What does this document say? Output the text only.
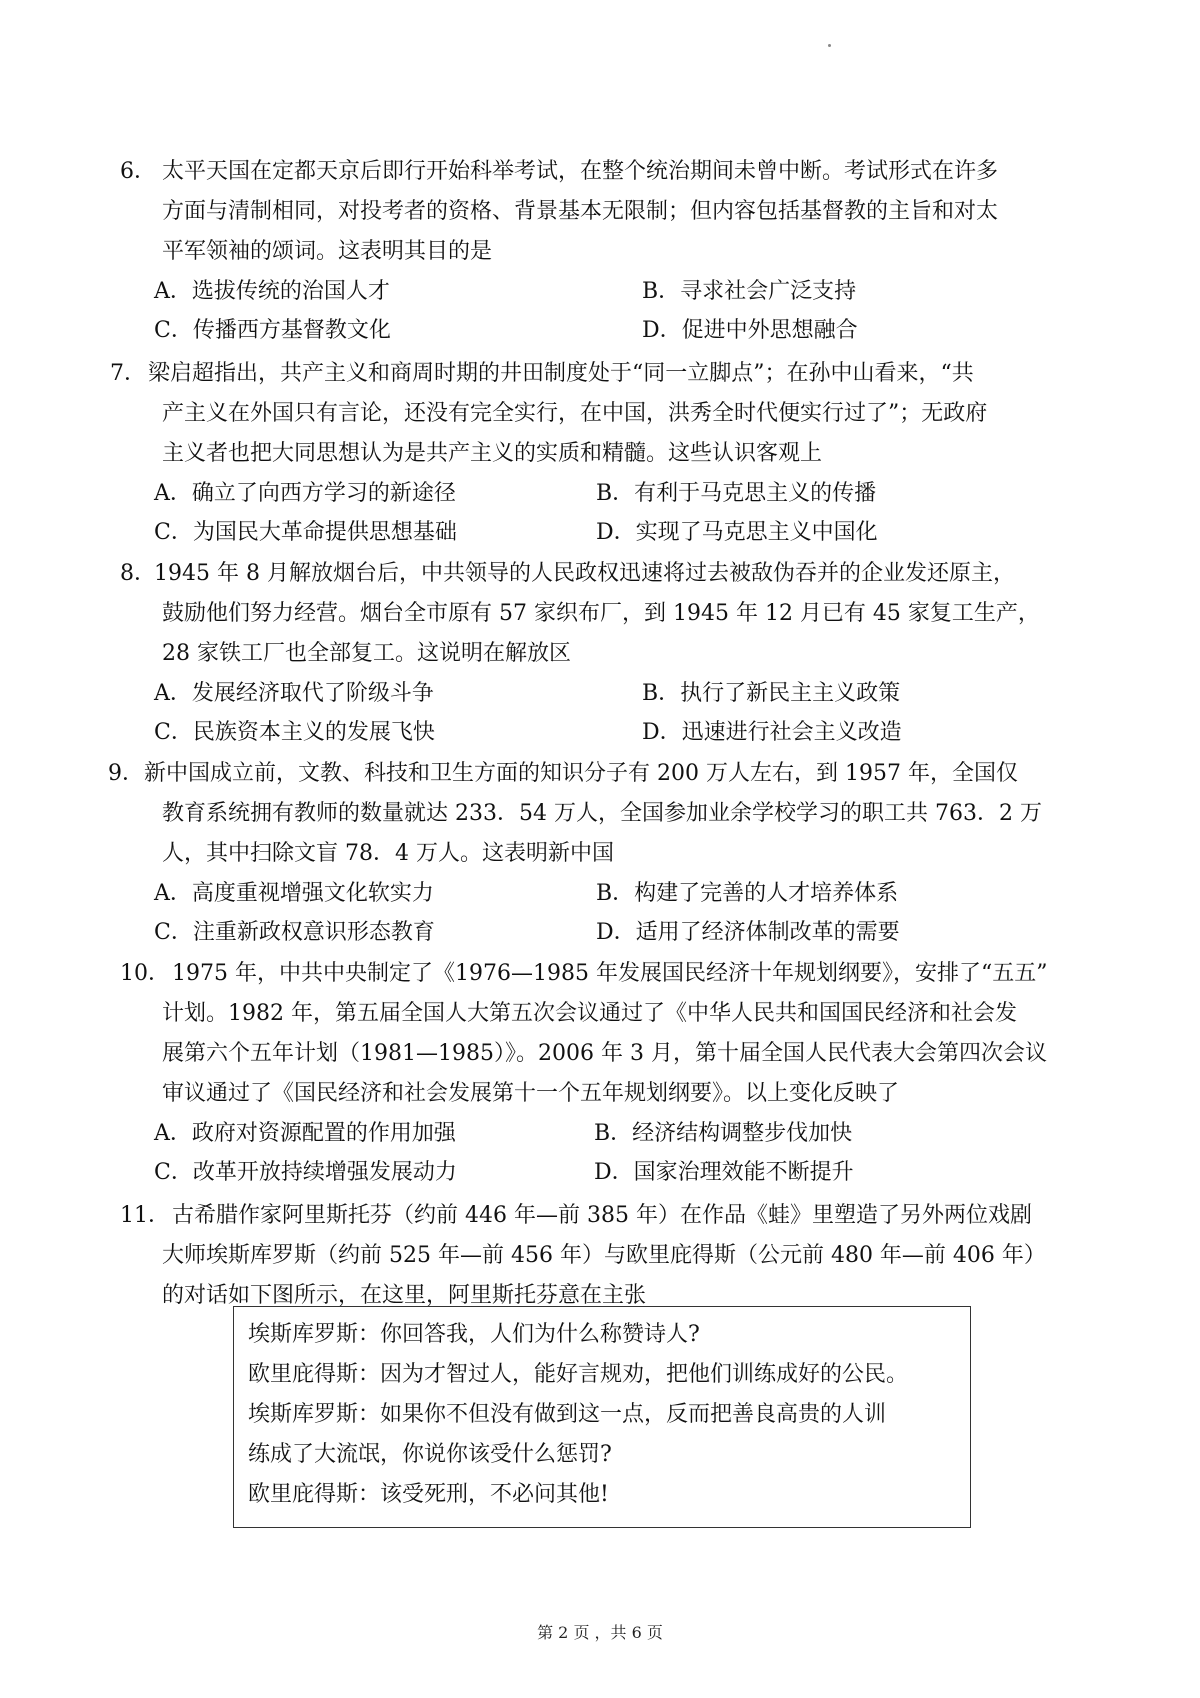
6． 太平天国在定都天京后即行开始科举考试，在整个统治期间未曾中断。考试形式在许多
方面与清制相同，对投考者的资格、背景基本无限制；但内容包括基督教的主旨和对太
平军领袖的颂词。这表明其目的是
A．选拔传统的治国人才	B．寻求社会广泛支持
C．传播西方基督教文化	D．促进中外思想融合
7． 梁启超指出，共产主义和商周时期的井田制度处于“同一立脚点”；在孙中山看来，“共
产主义在外国只有言论，还没有完全实行，在中国，洪秀全时代便实行过了”；无政府
主义者也把大同思想认为是共产主义的实质和精髓。这些认识客观上
A．确立了向西方学习的新途径	B．有利于马克思主义的传播
C．为国民大革命提供思想基础	D．实现了马克思主义中国化
8．
1945 年 8 月解放烟台后，中共领导的人民政权迅速将过去被敌伪吞并的企业发还原主，
鼓励他们努力经营。烟台全市原有 57 家织布厂，到 1945 年 12 月已有 45 家复工生产，
28 家铁工厂也全部复工。这说明在解放区
A．发展经济取代了阶级斗争	B．执行了新民主主义政策
C．民族资本主义的发展飞快	D．迅速进行社会主义改造
9． 新中国成立前，文教、科技和卫生方面的知识分子有 200 万人左右，到 1957 年，全国仅
教育系统拥有教师的数量就达 233．54 万人，全国参加业余学校学习的职工共 763．2 万
人，其中扫除文盲 78．4 万人。这表明新中国
A．高度重视增强文化软实力	B．构建了完善的人才培养体系
C．注重新政权意识形态教育	D．适用了经济体制改革的需要
10． 1975 年，中共中央制定了《1976—1985 年发展国民经济十年规划纲要》，安排了“五五”
计划。1982 年，第五届全国人大第五次会议通过了《中华人民共和国国民经济和社会发
展第六个五年计划（1981—1985）》。2006 年 3 月，第十届全国人民代表大会第四次会议
审议通过了《国民经济和社会发展第十一个五年规划纲要》。以上变化反映了
A．政府对资源配置的作用加强	B．经济结构调整步伐加快
C．改革开放持续增强发展动力	D．国家治理效能不断提升
11． 古希腊作家阿里斯托芬（约前 446 年—前 385 年）在作品《蛙》里塑造了另外两位戏剧
大师埃斯库罗斯（约前 525 年—前 456 年）与欧里庇得斯（公元前 480 年—前 406 年）
的对话如下图所示，在这里，阿里斯托芬意在主张
埃斯库罗斯：你回答我，人们为什么称赞诗人?
欧里庇得斯：因为才智过人，能好言规劝，把他们训练成好的公民。
埃斯库罗斯：如果你不但没有做到这一点，反而把善良高贵的人训
练成了大流氓，你说你该受什么惩罚?
欧里庇得斯：该受死刑，不必问其他!
第 2 页 ，共 6 页
